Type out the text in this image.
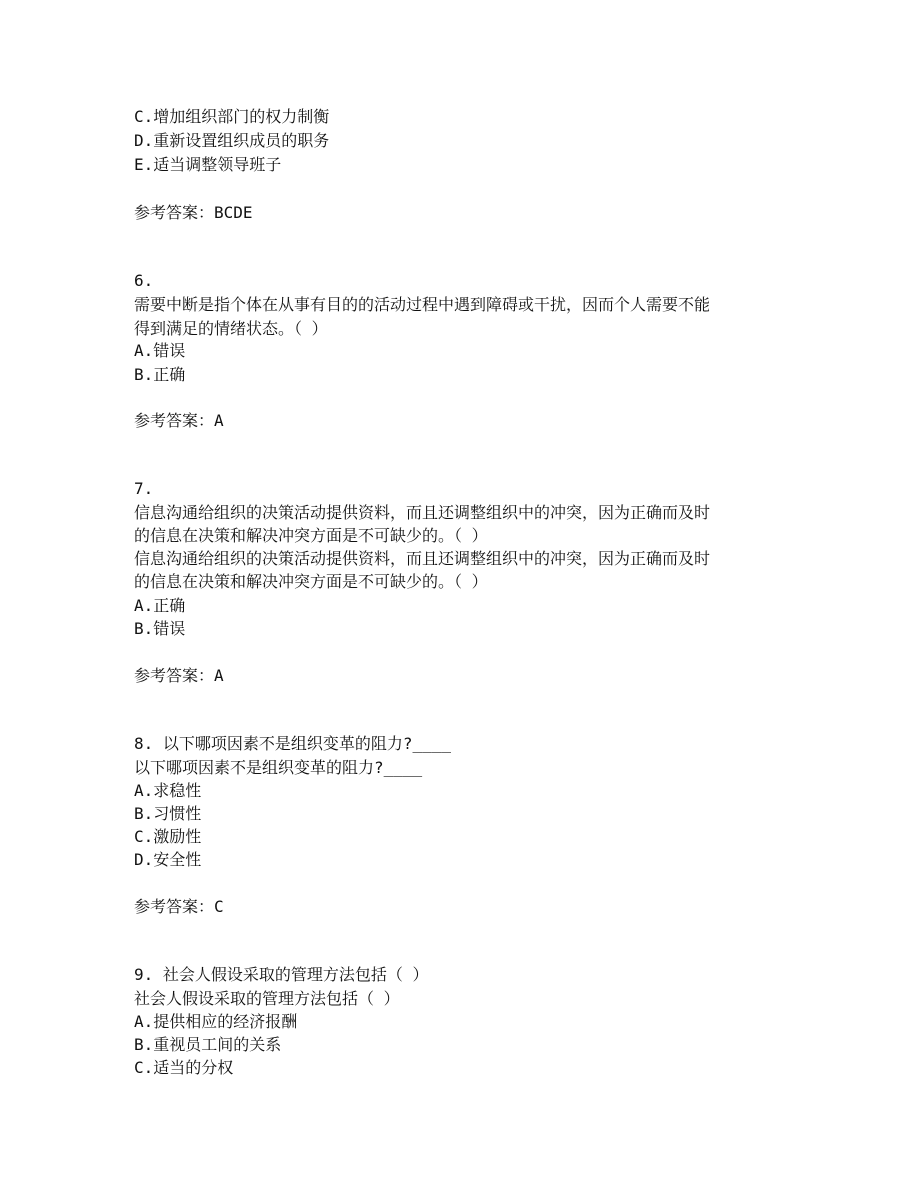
C.增加组织部门的权力制衡
D.重新设置组织成员的职务
E.适当调整领导班子
参考答案：BCDE
6.
需要中断是指个体在从事有目的的活动过程中遇到障碍或干扰，因而个人需要不能
得到满足的情绪状态。（ ）
A.错误
B.正确
参考答案：A
7.
信息沟通给组织的决策活动提供资料，而且还调整组织中的冲突，因为正确而及时
的信息在决策和解决冲突方面是不可缺少的。（ ）
信息沟通给组织的决策活动提供资料，而且还调整组织中的冲突，因为正确而及时
的信息在决策和解决冲突方面是不可缺少的。（ ）
A.正确
B.错误
参考答案：A
8. 以下哪项因素不是组织变革的阻力?____
以下哪项因素不是组织变革的阻力?____
A.求稳性
B.习惯性
C.激励性
D.安全性
参考答案：C
9. 社会人假设采取的管理方法包括（ ）
社会人假设采取的管理方法包括（ ）
A.提供相应的经济报酬
B.重视员工间的关系
C.适当的分权
